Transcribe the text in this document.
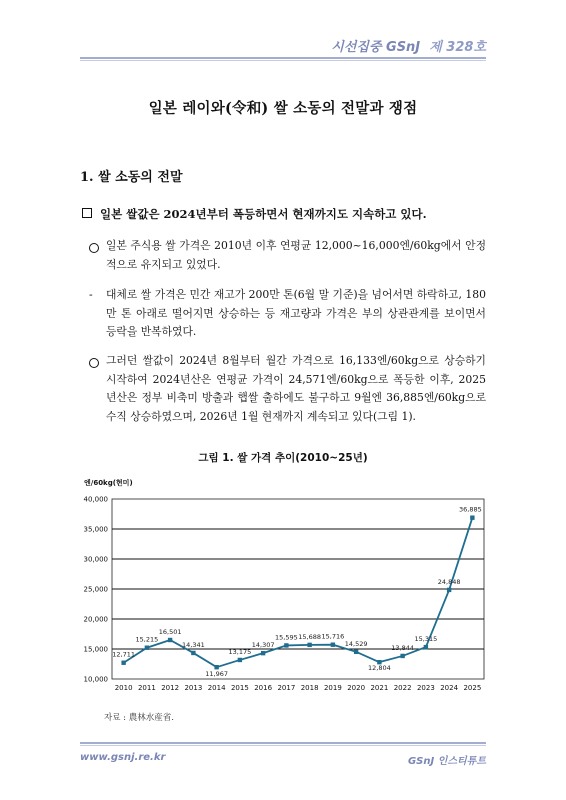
시선집중 GSnJ 제 328호
일본 레이와(令和) 쌀 소동의 전말과 쟁점
1. 쌀 소동의 전말
일본 쌀값은 2024년부터 폭등하면서 현재까지도 지속하고 있다.
일본 주식용 쌀 가격은 2010년 이후 연평균 12,000~16,000엔/60kg에서 안정적으로 유지되고 있었다.
- 대체로 쌀 가격은 민간 재고가 200만 톤(6월 말 기준)을 넘어서면 하락하고, 180만 톤 아래로 떨어지면 상승하는 등 재고량과 가격은 부의 상관관계를 보이면서 등락을 반복하였다.
그러던 쌀값이 2024년 8월부터 월간 가격으로 16,133엔/60kg으로 상승하기 시작하여 2024년산은 연평균 가격이 24,571엔/60kg으로 폭등한 이후, 2025년산은 정부 비축미 방출과 햅쌀 출하에도 불구하고 9월엔 36,885엔/60kg으로 수직 상승하였으며, 2026년 1월 현재까지 계속되고 있다(그림 1).
그림 1. 쌀 가격 추이(2010~25년)
엔/60kg(현미)
10,000
15,000
20,000
25,000
30,000
35,000
40,000
2010 2011 2012 2013 2014 2015 2016 2017 2018 2019 2020 2021 2022 2023 2024 2025
12,711
15,215
16,501
14,341
11,967
13,175
14,307
15,595 15,688 15,716
14,529
12,804
13,844
15,315
24,848
36,885
자료 : 農林水産省.
www.gsnj.re.kr	GSnJ 인스티튜트
